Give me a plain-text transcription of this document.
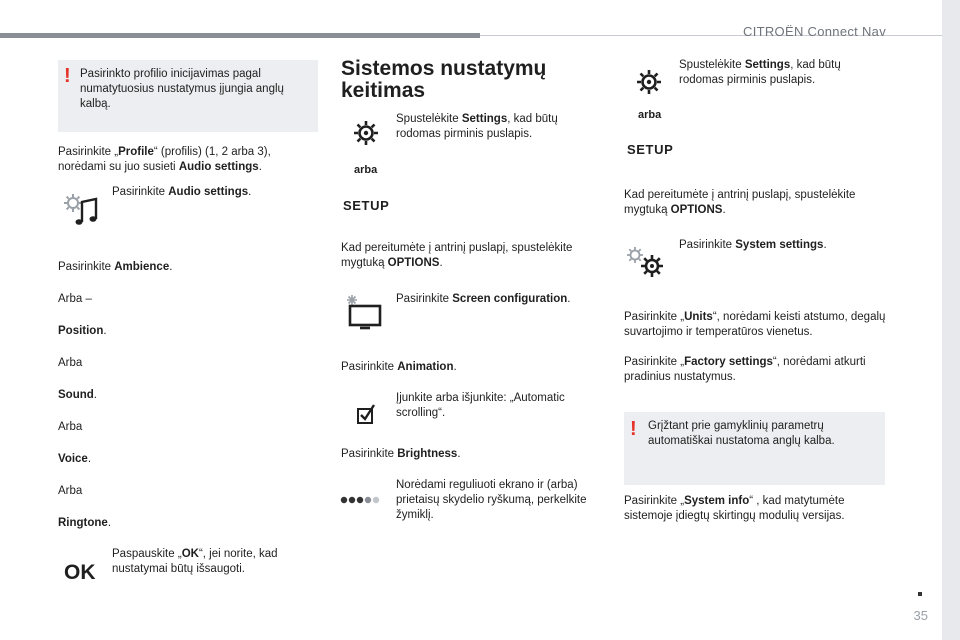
CITROËN Connect Nav
35
! Pasirinkto profilio inicijavimas pagal numatytuosius nustatymus įjungia anglų kalbą.
Pasirinkite „Profile“ (profilis) (1, 2 arba 3), norėdami su juo susieti Audio settings.
Pasirinkite Audio settings.
Pasirinkite Ambience.
Arba –
Position.
Arba
Sound.
Arba
Voice.
Arba
Ringtone.
OK
Paspauskite „OK“, jei norite, kad nustatymai būtų išsaugoti.
Sistemos nustatymų keitimas
Spustelėkite Settings, kad būtų rodomas pirminis puslapis.
arba
SETUP
Kad pereitumėte į antrinį puslapį, spustelėkite mygtuką OPTIONS.
Pasirinkite Screen configuration.
Pasirinkite Animation.
Įjunkite arba išjunkite: „Automatic scrolling“.
Pasirinkite Brightness.
Norėdami reguliuoti ekrano ir (arba) prietaisų skydelio ryškumą, perkelkite žymiklį.
Spustelėkite Settings, kad būtų rodomas pirminis puslapis.
arba
SETUP
Kad pereitumėte į antrinį puslapį, spustelėkite mygtuką OPTIONS.
Pasirinkite System settings.
Pasirinkite „Units“, norėdami keisti atstumo, degalų suvartojimo ir temperatūros vienetus.
Pasirinkite „Factory settings“, norėdami atkurti pradinius nustatymus.
! Grįžtant prie gamyklinių parametrų automatiškai nustatoma anglų kalba.
Pasirinkite „System info“ , kad matytumėte sistemoje įdiegtų skirtingų modulių versijas.
